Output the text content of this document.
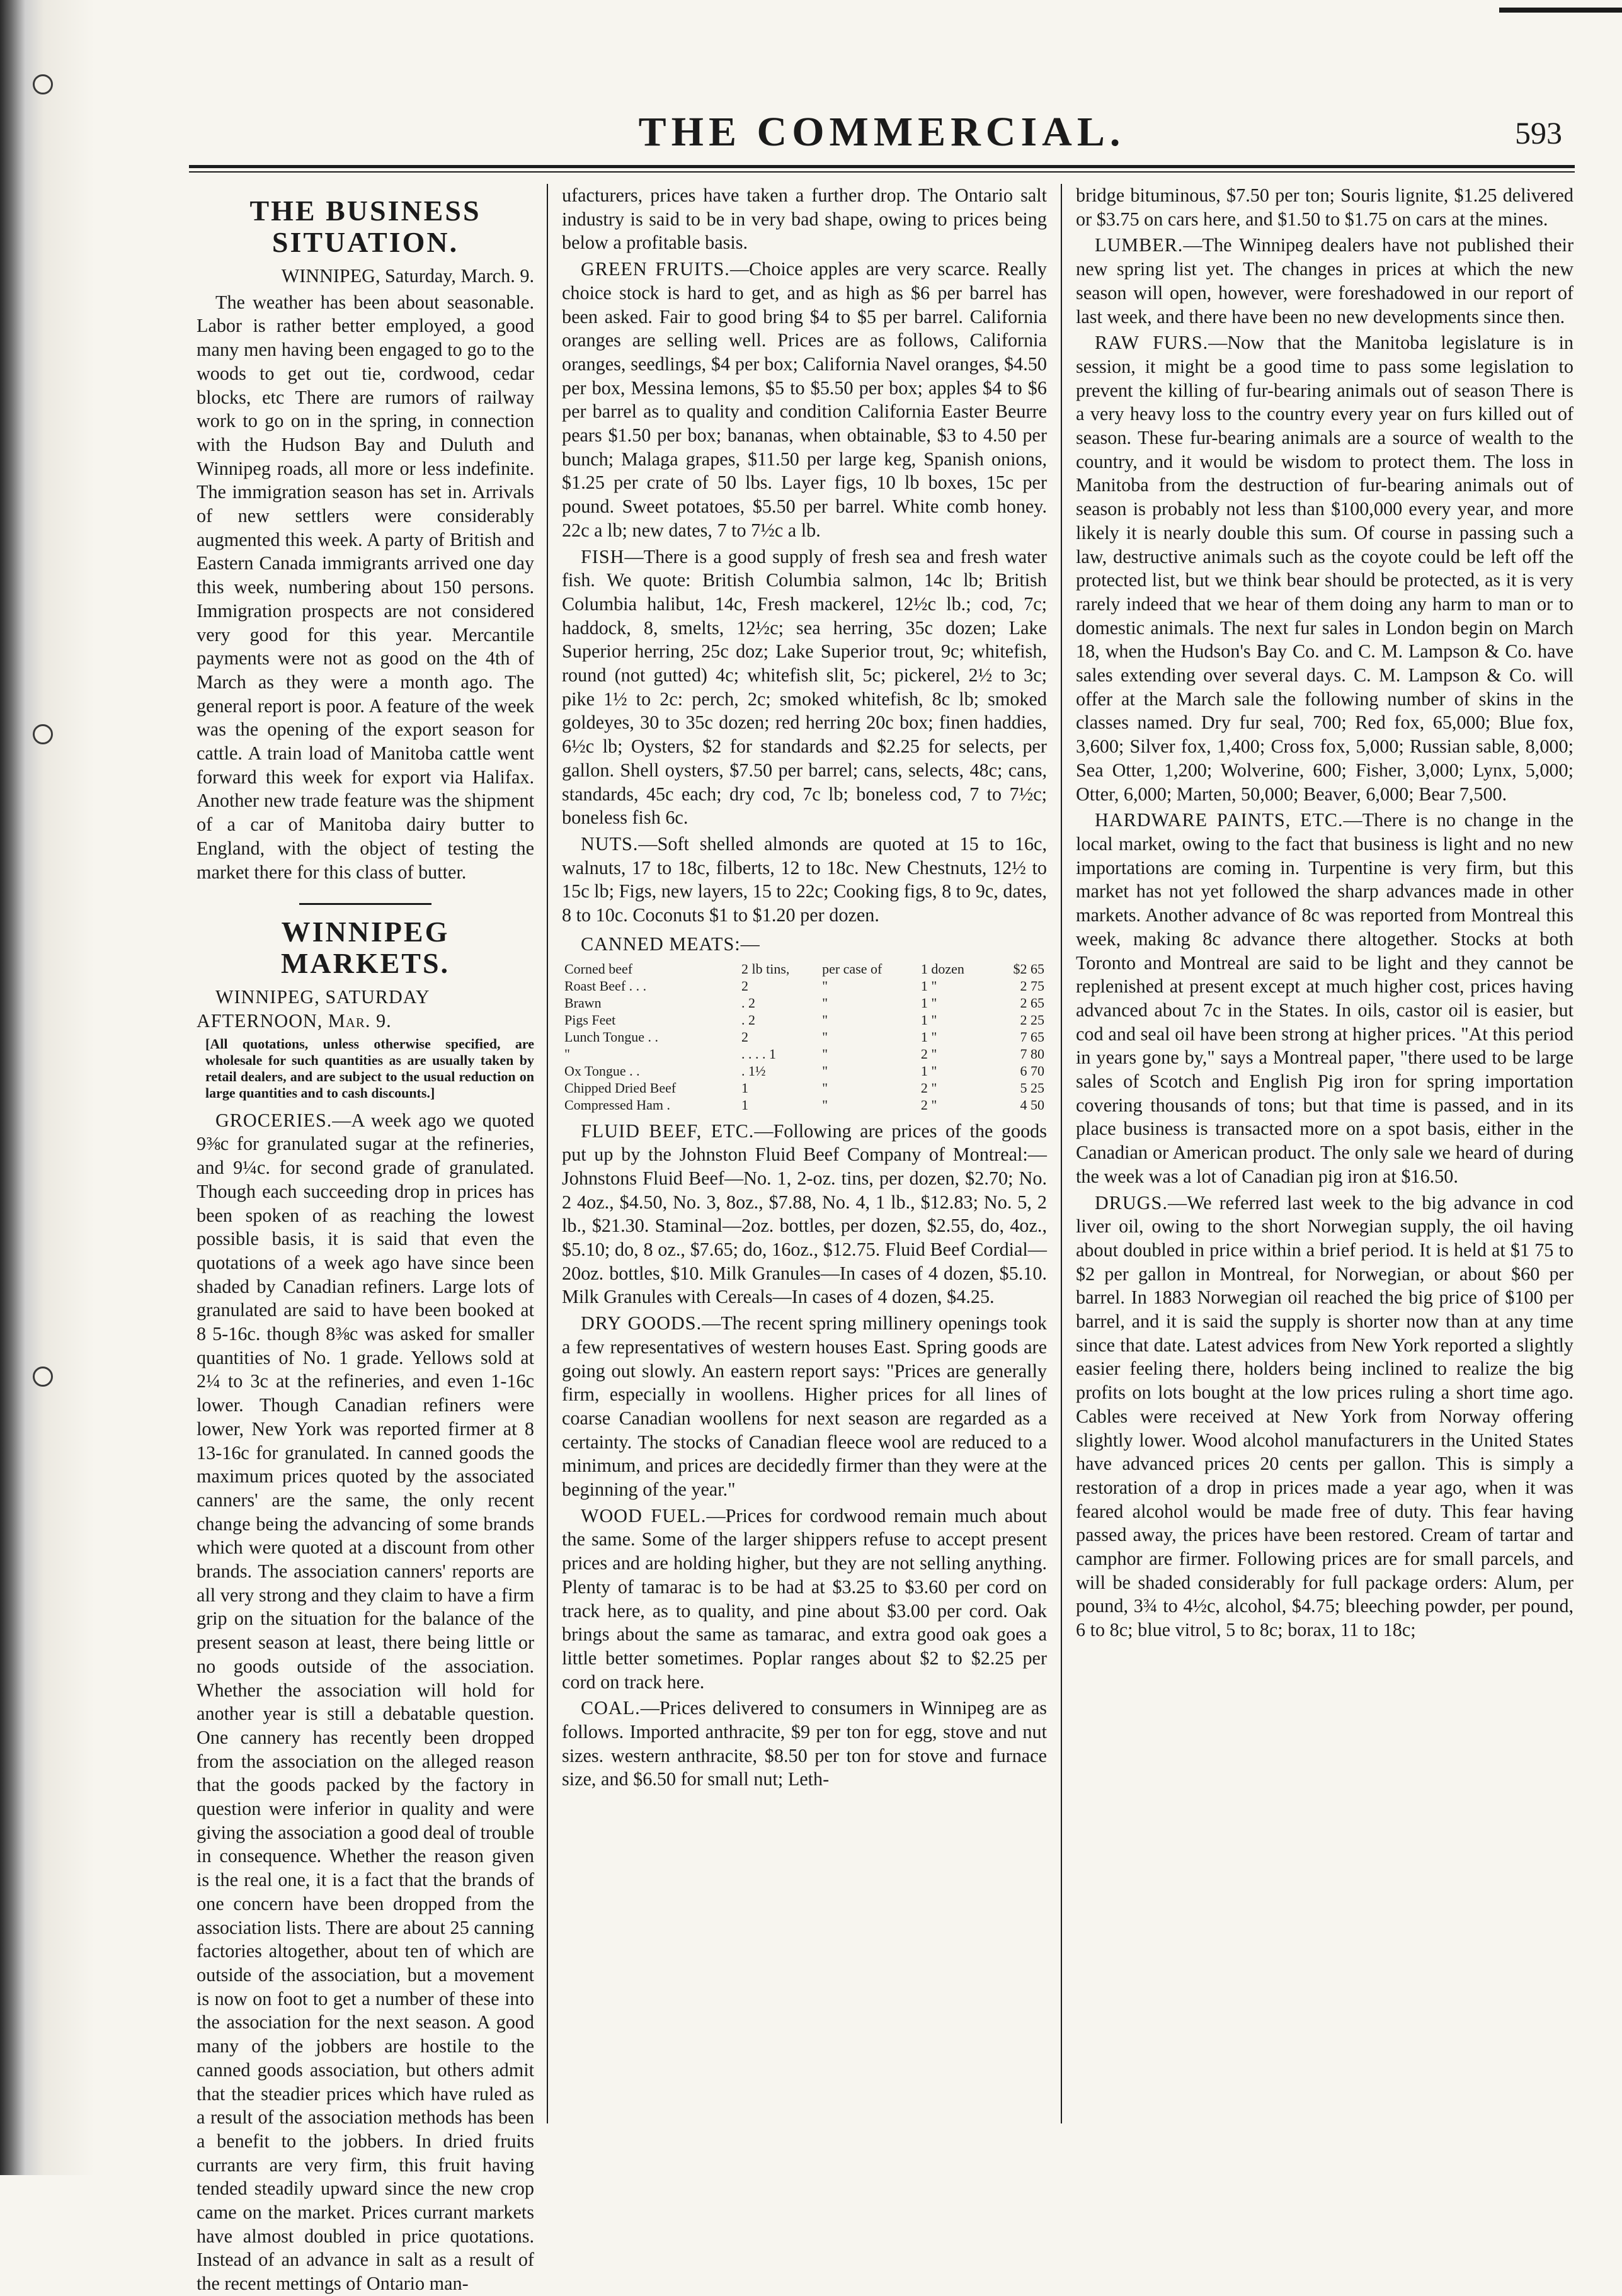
THE COMMERCIAL.	593
THE BUSINESS SITUATION.

WINNIPEG, Saturday, March. 9.

The weather has been about seasonable. Labor is rather better employed, a good many men having been engaged to go to the woods to get out tie, cordwood, cedar blocks, etc There are rumors of railway work to go on in the spring, in connection with the Hudson Bay and Duluth and Winnipeg roads, all more or less indefinite. The immigration season has set in. Arrivals of new settlers were considerably augmented this week. A party of British and Eastern Canada immigrants arrived one day this week, numbering about 150 persons. Immigration prospects are not considered very good for this year. Mercantile payments were not as good on the 4th of March as they were a month ago. The general report is poor. A feature of the week was the opening of the export season for cattle. A train load of Manitoba cattle went forward this week for export via Halifax. Another new trade feature was the shipment of a car of Manitoba dairy butter to England, with the object of testing the market there for this class of butter.

WINNIPEG MARKETS.

WINNIPEG, SATURDAY AFTERNOON, Mar. 9.

[All quotations, unless otherwise specified, are wholesale for such quantities as are usually taken by retail dealers, and are subject to the usual reduction on large quantities and to cash discounts.]

GROCERIES.—A week ago we quoted 9⅜c for granulated sugar at the refineries, and 9¼c. for second grade of granulated. Though each succeeding drop in prices has been spoken of as reaching the lowest possible basis, it is said that even the quotations of a week ago have since been shaded by Canadian refiners. Large lots of granulated are said to have been booked at 8 5-16c. though 8⅜c was asked for smaller quantities of No. 1 grade. Yellows sold at 2¼ to 3c at the refineries, and even 1-16c lower. Though Canadian refiners were lower, New York was reported firmer at 8 13-16c for granulated. In canned goods the maximum prices quoted by the associated canners' are the same, the only recent change being the advancing of some brands which were quoted at a discount from other brands. The association canners' reports are all very strong and they claim to have a firm grip on the situation for the balance of the present season at least, there being little or no goods outside of the association. Whether the association will hold for another year is still a debatable question. One cannery has recently been dropped from the association on the alleged reason that the goods packed by the factory in question were inferior in quality and were giving the association a good deal of trouble in consequence. Whether the reason given is the real one, it is a fact that the brands of one concern have been dropped from the association lists. There are about 25 canning factories altogether, about ten of which are outside of the association, but a movement is now on foot to get a number of these into the association for the next season. A good many of the jobbers are hostile to the canned goods association, but others admit that the steadier prices which have ruled as a result of the association methods has been a benefit to the jobbers. In dried fruits currants are very firm, this fruit having tended steadily upward since the new crop came on the market. Prices currant markets have almost doubled in price quotations. Instead of an advance in salt as a result of the recent mettings of Ontario man-

ufacturers, prices have taken a further drop. The Ontario salt industry is said to be in very bad shape, owing to prices being below a profitable basis.

GREEN FRUITS.—Choice apples are very scarce. Really choice stock is hard to get, and as high as $6 per barrel has been asked. Fair to good bring $4 to $5 per barrel. California oranges are selling well. Prices are as follows, California oranges, seedlings, $4 per box; California Navel oranges, $4.50 per box, Messina lemons, $5 to $5.50 per box; apples $4 to $6 per barrel as to quality and condition California Easter Beurre pears $1.50 per box; bananas, when obtainable, $3 to 4.50 per bunch; Malaga grapes, $11.50 per large keg, Spanish onions, $1.25 per crate of 50 lbs. Layer figs, 10 lb boxes, 15c per pound. Sweet potatoes, $5.50 per barrel. White comb honey. 22c a lb; new dates, 7 to 7½c a lb.

FISH—There is a good supply of fresh sea and fresh water fish. We quote: British Columbia salmon, 14c lb; British Columbia halibut, 14c, Fresh mackerel, 12½c lb.; cod, 7c; haddock, 8, smelts, 12½c; sea herring, 35c dozen; Lake Superior herring, 25c doz; Lake Superior trout, 9c; whitefish, round (not gutted) 4c; whitefish slit, 5c; pickerel, 2½ to 3c; pike 1½ to 2c: perch, 2c; smoked whitefish, 8c lb; smoked goldeyes, 30 to 35c dozen; red herring 20c box; finen haddies, 6½c lb; Oysters, $2 for standards and $2.25 for selects, per gallon. Shell oysters, $7.50 per barrel; cans, selects, 48c; cans, standards, 45c each; dry cod, 7c lb; boneless cod, 7 to 7½c; boneless fish 6c.

NUTS.—Soft shelled almonds are quoted at 15 to 16c, walnuts, 17 to 18c, filberts, 12 to 18c. New Chestnuts, 12½ to 15c lb; Figs, new layers, 15 to 22c; Cooking figs, 8 to 9c, dates, 8 to 10c. Coconuts $1 to $1.20 per dozen.

CANNED MEATS:—
Corned beef	2 lb tins,	per case of	1 dozen	$2 65
Roast Beef . . .	2	"	1 "	2 75
Brawn	. 2	"	1 "	2 65
Pigs Feet	. 2	"	1 "	2 25
Lunch Tongue . .	2	"	1 "	7 65
"	. . . . 1	"	2 "	7 80
Ox Tongue . .	. 1½	"	1 "	6 70
Chipped Dried Beef	1	"	2 "	5 25
Compressed Ham .	1	"	2 "	4 50

FLUID BEEF, ETC.—Following are prices of the goods put up by the Johnston Fluid Beef Company of Montreal:—Johnstons Fluid Beef—No. 1, 2-oz. tins, per dozen, $2.70; No. 2 4oz., $4.50, No. 3, 8oz., $7.88, No. 4, 1 lb., $12.83; No. 5, 2 lb., $21.30. Staminal—2oz. bottles, per dozen, $2.55, do, 4oz., $5.10; do, 8 oz., $7.65; do, 16oz., $12.75. Fluid Beef Cordial—20oz. bottles, $10. Milk Granules—In cases of 4 dozen, $5.10. Milk Granules with Cereals—In cases of 4 dozen, $4.25.

DRY GOODS.—The recent spring millinery openings took a few representatives of western houses East. Spring goods are going out slowly. An eastern report says: "Prices are generally firm, especially in woollens. Higher prices for all lines of coarse Canadian woollens for next season are regarded as a certainty. The stocks of Canadian fleece wool are reduced to a minimum, and prices are decidedly firmer than they were at the beginning of the year."

WOOD FUEL.—Prices for cordwood remain much about the same. Some of the larger shippers refuse to accept present prices and are holding higher, but they are not selling anything. Plenty of tamarac is to be had at $3.25 to $3.60 per cord on track here, as to quality, and pine about $3.00 per cord. Oak brings about the same as tamarac, and extra good oak goes a little better sometimes. Poplar ranges about $2 to $2.25 per cord on track here.

COAL.—Prices delivered to consumers in Winnipeg are as follows. Imported anthracite, $9 per ton for egg, stove and nut sizes. western anthracite, $8.50 per ton for stove and furnace size, and $6.50 for small nut; Leth-

bridge bituminous, $7.50 per ton; Souris lignite, $1.25 delivered or $3.75 on cars here, and $1.50 to $1.75 on cars at the mines.

LUMBER.—The Winnipeg dealers have not published their new spring list yet. The changes in prices at which the new season will open, however, were foreshadowed in our report of last week, and there have been no new developments since then.

RAW FURS.—Now that the Manitoba legislature is in session, it might be a good time to pass some legislation to prevent the killing of fur-bearing animals out of season There is a very heavy loss to the country every year on furs killed out of season. These fur-bearing animals are a source of wealth to the country, and it would be wisdom to protect them. The loss in Manitoba from the destruction of fur-bearing animals out of season is probably not less than $100,000 every year, and more likely it is nearly double this sum. Of course in passing such a law, destructive animals such as the coyote could be left off the protected list, but we think bear should be protected, as it is very rarely indeed that we hear of them doing any harm to man or to domestic animals. The next fur sales in London begin on March 18, when the Hudson's Bay Co. and C. M. Lampson & Co. have sales extending over several days. C. M. Lampson & Co. will offer at the March sale the following number of skins in the classes named. Dry fur seal, 700; Red fox, 65,000; Blue fox, 3,600; Silver fox, 1,400; Cross fox, 5,000; Russian sable, 8,000; Sea Otter, 1,200; Wolverine, 600; Fisher, 3,000; Lynx, 5,000; Otter, 6,000; Marten, 50,000; Beaver, 6,000; Bear 7,500.

HARDWARE PAINTS, ETC.—There is no change in the local market, owing to the fact that business is light and no new importations are coming in. Turpentine is very firm, but this market has not yet followed the sharp advances made in other markets. Another advance of 8c was reported from Montreal this week, making 8c advance there altogether. Stocks at both Toronto and Montreal are said to be light and they cannot be replenished at present except at much higher cost, prices having advanced about 7c in the States. In oils, castor oil is easier, but cod and seal oil have been strong at higher prices. "At this period in years gone by," says a Montreal paper, "there used to be large sales of Scotch and English Pig iron for spring importation covering thousands of tons; but that time is passed, and in its place business is transacted more on a spot basis, either in the Canadian or American product. The only sale we heard of during the week was a lot of Canadian pig iron at $16.50.

DRUGS.—We referred last week to the big advance in cod liver oil, owing to the short Norwegian supply, the oil having about doubled in price within a brief period. It is held at $1 75 to $2 per gallon in Montreal, for Norwegian, or about $60 per barrel. In 1883 Norwegian oil reached the big price of $100 per barrel, and it is said the supply is shorter now than at any time since that date. Latest advices from New York reported a slightly easier feeling there, holders being inclined to realize the big profits on lots bought at the low prices ruling a short time ago. Cables were received at New York from Norway offering slightly lower. Wood alcohol manufacturers in the United States have advanced prices 20 cents per gallon. This is simply a restoration of a drop in prices made a year ago, when it was feared alcohol would be made free of duty. This fear having passed away, the prices have been restored. Cream of tartar and camphor are firmer. Following prices are for small parcels, and will be shaded considerably for full package orders: Alum, per pound, 3¾ to 4½c, alcohol, $4.75; bleeching powder, per pound, 6 to 8c; blue vitrol, 5 to 8c; borax, 11 to 18c;
